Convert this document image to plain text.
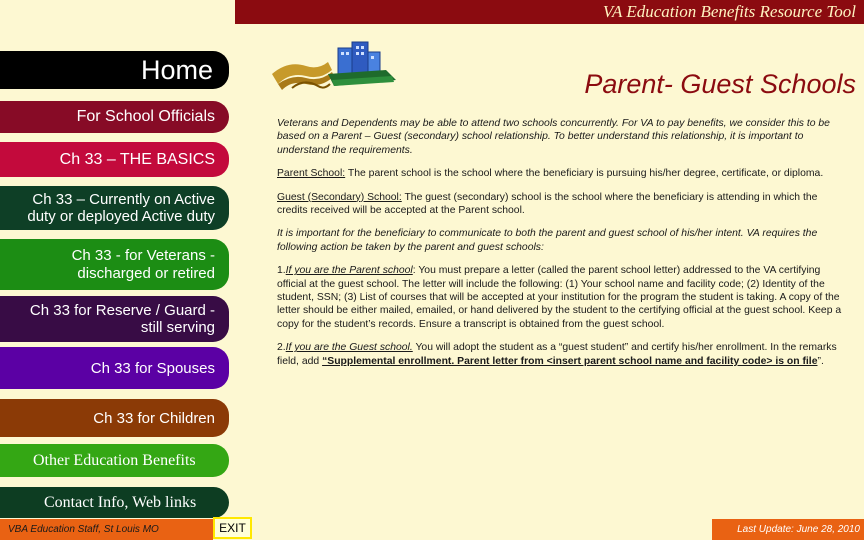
VA Education Benefits Resource Tool
Parent- Guest Schools
Home
For School Officials
Ch 33 – THE BASICS
Ch 33 – Currently on Active
duty or deployed Active duty
Ch 33 - for Veterans -
discharged or retired
Ch 33 for Reserve / Guard -
still serving
Ch 33 for Spouses
Ch 33 for Children
Other Education Benefits
Contact Info, Web links

Veterans and Dependents may be able to attend two schools concurrently. For VA to pay benefits, we consider this to be based on a Parent – Guest (secondary) school relationship. To better understand this relationship, it is important to understand the requirements.

Parent School: The parent school is the school where the beneficiary is pursuing his/her degree, certificate, or diploma.

Guest (Secondary) School: The guest (secondary) school is the school where the beneficiary is attending in which the credits received will be accepted at the Parent school.

It is important for the beneficiary to communicate to both the parent and guest school of his/her intent. VA requires the following action be taken by the parent and guest schools:

1.If you are the Parent school: You must prepare a letter (called the parent school letter) addressed to the VA certifying official at the guest school. The letter will include the following: (1) Your school name and facility code; (2) Identity of the student, SSN; (3) List of courses that will be accepted at your institution for the program the student is taking. A copy of the letter should be either mailed, emailed, or hand delivered by the student to the certifying official at the guest school. Keep a copy for the student’s records. Ensure a transcript is obtained from the guest school.

2.If you are the Guest school. You will adopt the student as a “guest student” and certify his/her enrollment. In the remarks field, add “Supplemental enrollment. Parent letter from <insert parent school name and facility code> is on file”.

VBA Education Staff, St Louis MO	EXIT	Last Update: June 28, 2010
